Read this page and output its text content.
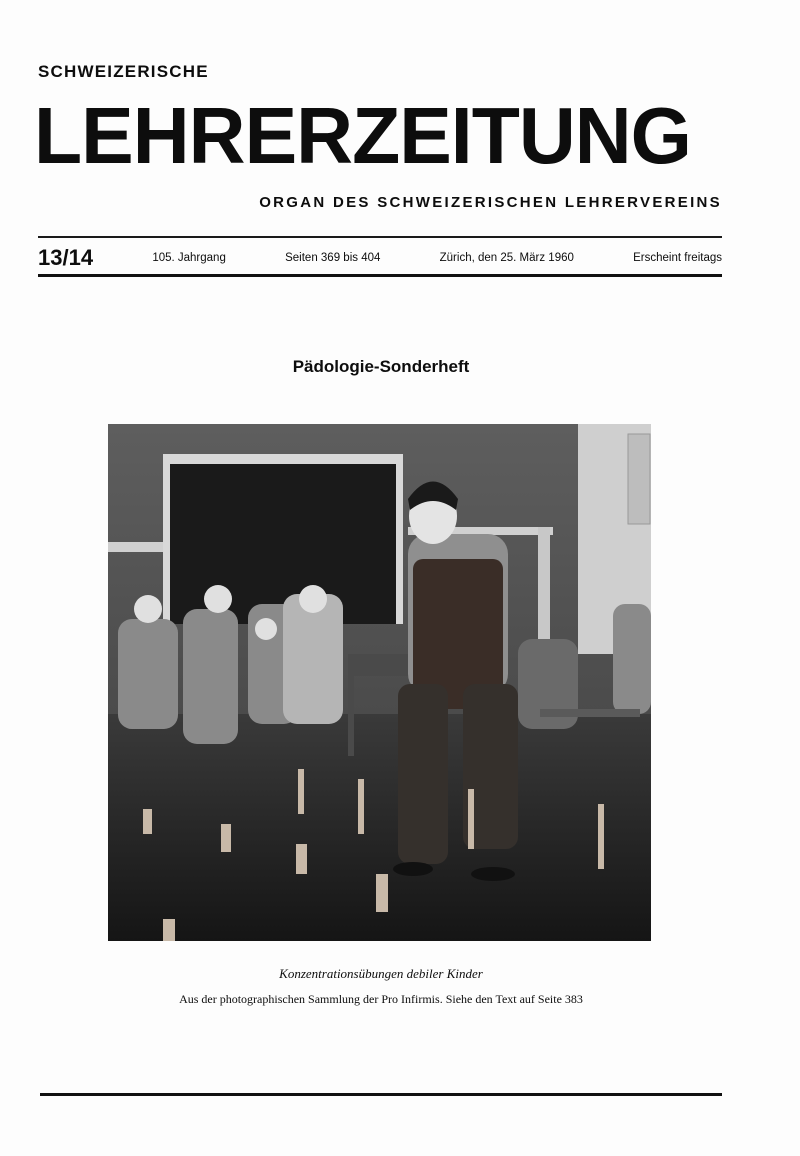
SCHWEIZERISCHE
LEHRERZEITUNG
ORGAN DES SCHWEIZERISCHEN LEHRERVEREINS
13/14	105. Jahrgang	Seiten 369 bis 404	Zürich, den 25. März 1960	Erscheint freitags
Pädologie-Sonderheft
Konzentrationsübungen debiler Kinder
Aus der photographischen Sammlung der Pro Infirmis. Siehe den Text auf Seite 383
